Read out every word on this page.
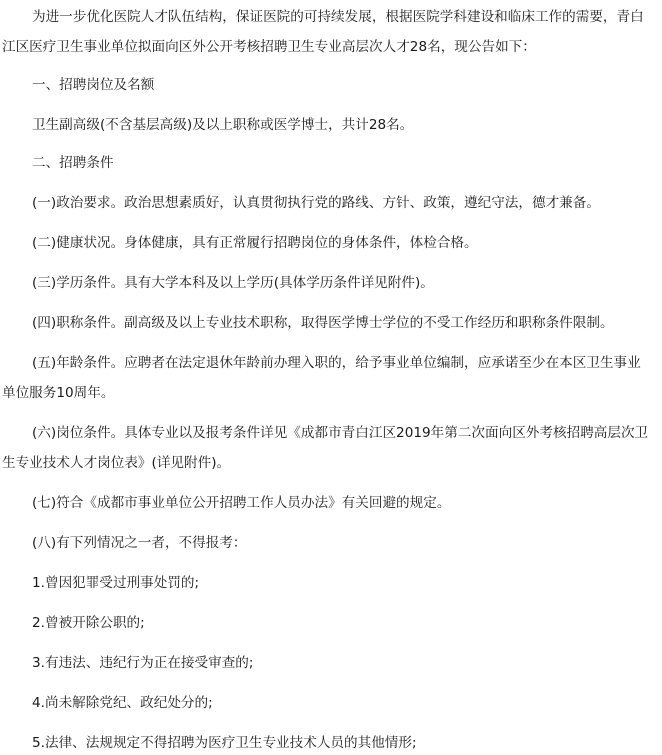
为进一步优化医院人才队伍结构，保证医院的可持续发展，根据医院学科建设和临床工作的需要，青白
江区医疗卫生事业单位拟面向区外公开考核招聘卫生专业高层次人才28名，现公告如下：
一、招聘岗位及名额
卫生副高级(不含基层高级)及以上职称或医学博士，共计28名。
二、招聘条件
(一)政治要求。政治思想素质好，认真贯彻执行党的路线、方针、政策，遵纪守法，德才兼备。
(二)健康状况。身体健康，具有正常履行招聘岗位的身体条件，体检合格。
(三)学历条件。具有大学本科及以上学历(具体学历条件详见附件)。
(四)职称条件。副高级及以上专业技术职称，取得医学博士学位的不受工作经历和职称条件限制。
(五)年龄条件。应聘者在法定退休年龄前办理入职的，给予事业单位编制，应承诺至少在本区卫生事业
单位服务10周年。
(六)岗位条件。具体专业以及报考条件详见《成都市青白江区2019年第二次面向区外考核招聘高层次卫
生专业技术人才岗位表》(详见附件)。
(七)符合《成都市事业单位公开招聘工作人员办法》有关回避的规定。
(八)有下列情况之一者，不得报考：
1.曾因犯罪受过刑事处罚的;
2.曾被开除公职的;
3.有违法、违纪行为正在接受审查的;
4.尚未解除党纪、政纪处分的;
5.法律、法规规定不得招聘为医疗卫生专业技术人员的其他情形;
